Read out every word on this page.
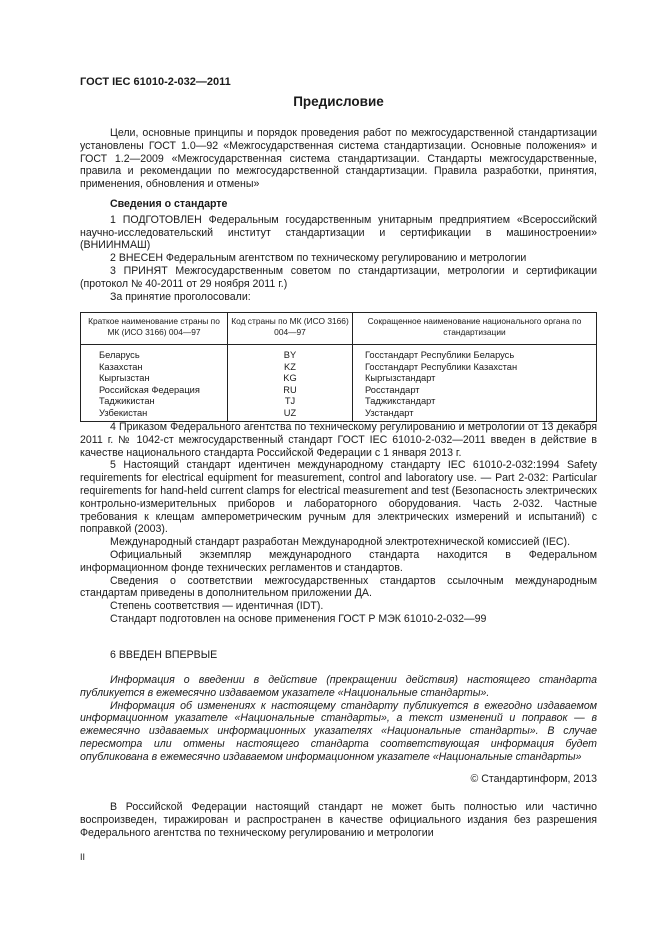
ГОСТ IEC 61010-2-032—2011
Предисловие

Цели, основные принципы и порядок проведения работ по межгосударственной стандартизации установлены ГОСТ 1.0—92 «Межгосударственная система стандартизации. Основные положения» и ГОСТ 1.2—2009 «Межгосударственная система стандартизации. Стандарты межгосударственные, правила и рекомендации по межгосударственной стандартизации. Правила разработки, принятия, применения, обновления и отмены»

Сведения о стандарте

1 ПОДГОТОВЛЕН Федеральным государственным унитарным предприятием «Всероссийский научно-исследовательский институт стандартизации и сертификации в машиностроении» (ВНИИНМАШ)

2 ВНЕСЕН Федеральным агентством по техническому регулированию и метрологии

3 ПРИНЯТ Межгосударственным советом по стандартизации, метрологии и сертификации (протокол № 40-2011 от 29 ноября 2011 г.)

За принятие проголосовали:

Краткое наименование страны по МК (ИСО 3166) 004—97	Код страны по МК (ИСО 3166) 004—97	Сокращенное наименование национального органа по стандартизации
Беларусь	BY	Госстандарт Республики Беларусь
Казахстан	KZ	Госстандарт Республики Казахстан
Кыргызстан	KG	Кыргызстандарт
Российская Федерация	RU	Росстандарт
Таджикистан	TJ	Таджикстандарт
Узбекистан	UZ	Узстандарт

4 Приказом Федерального агентства по техническому регулированию и метрологии от 13 декабря 2011 г. № 1042-ст межгосударственный стандарт ГОСТ IEC 61010-2-032—2011 введен в действие в качестве национального стандарта Российской Федерации с 1 января 2013 г.

5 Настоящий стандарт идентичен международному стандарту IEC 61010-2-032:1994 Safety requirements for electrical equipment for measurement, control and laboratory use. — Part 2-032: Particular requirements for hand-held current clamps for electrical measurement and test (Безопасность электрических контрольно-измерительных приборов и лабораторного оборудования. Часть 2-032. Частные требования к клещам амперометрическим ручным для электрических измерений и испытаний) с поправкой (2003).

Международный стандарт разработан Международной электротехнической комиссией (IEC).

Официальный экземпляр международного стандарта находится в Федеральном информационном фонде технических регламентов и стандартов.

Сведения о соответствии межгосударственных стандартов ссылочным международным стандартам приведены в дополнительном приложении ДА.

Степень соответствия — идентичная (IDT).

Стандарт подготовлен на основе применения ГОСТ Р МЭК 61010-2-032—99

6 ВВЕДЕН ВПЕРВЫЕ

Информация о введении в действие (прекращении действия) настоящего стандарта публикуется в ежемесячно издаваемом указателе «Национальные стандарты».

Информация об изменениях к настоящему стандарту публикуется в ежегодно издаваемом информационном указателе «Национальные стандарты», а текст изменений и поправок — в ежемесячно издаваемых информационных указателях «Национальные стандарты». В случае пересмотра или отмены настоящего стандарта соответствующая информация будет опубликована в ежемесячно издаваемом информационном указателе «Национальные стандарты»

© Стандартинформ, 2013

В Российской Федерации настоящий стандарт не может быть полностью или частично воспроизведен, тиражирован и распространен в качестве официального издания без разрешения Федерального агентства по техническому регулированию и метрологии

II
